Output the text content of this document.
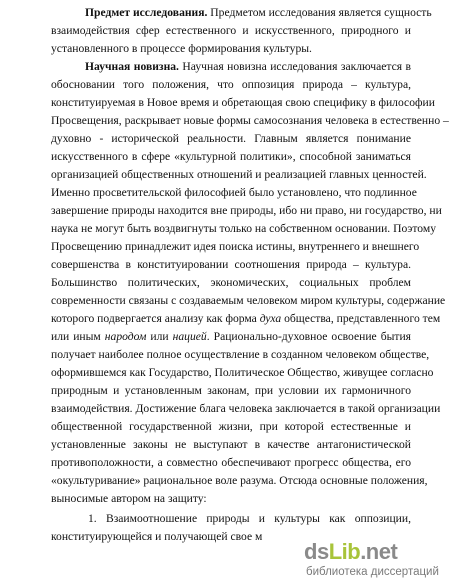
Предмет исследования. Предметом исследования является сущность
взаимодействия сфер естественного и искусственного, природного и
установленного в процессе формирования культуры.
Научная новизна. Научная новизна исследования заключается в
обосновании того положения, что оппозиция природа – культура,
конституируемая в Новое время и обретающая свою специфику в философии
Просвещения, раскрывает новые формы самосознания человека в естественно –
духовно - исторической реальности. Главным является понимание
искусственного в сфере «культурной политики», способной заниматься
организацией общественных отношений и реализацией главных ценностей.
Именно просветительской философией было установлено, что подлинное
завершение природы находится вне природы, ибо ни право, ни государство, ни
наука не могут быть воздвигнуты только на собственном основании. Поэтому
Просвещению принадлежит идея поиска истины, внутреннего и внешнего
совершенства в конституировании соотношения природа – культура.
Большинство политических, экономических, социальных проблем
современности связаны с создаваемым человеком миром культуры, содержание
которого подвергается анализу как форма духа общества, представленного тем
или иным народом или нацией. Рационально-духовное освоение бытия
получает наиболее полное осуществление в созданном человеком обществе,
оформившемся как Государство, Политическое Общество, живущее согласно
природным и установленным законам, при условии их гармоничного
взаимодействия. Достижение блага человека заключается в такой организации
общественной государственной жизни, при которой естественные и
установленные законы не выступают в качестве антагонистической
противоположности, а совместно обеспечивают прогресс общества, его
«окультуривание» рациональное воле разума. Отсюда основные положения,
выносимые автором на защиту:
1. Взаимоотношение природы и культуры как оппозиции,
конституирующейся и получающей свое м
dsLib.net
библиотека диссертаций
